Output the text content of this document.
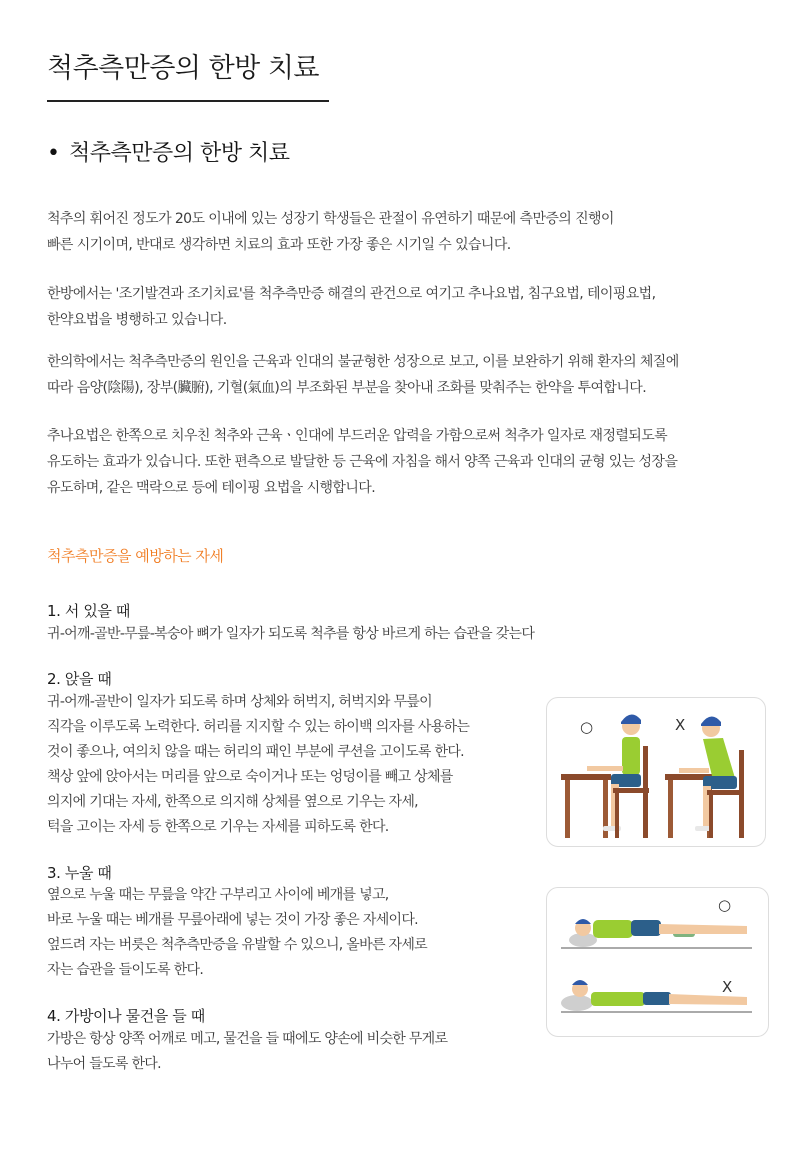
척추측만증의 한방 치료
• 척추측만증의 한방 치료

척추의 휘어진 정도가 20도 이내에 있는 성장기 학생들은 관절이 유연하기 때문에 측만증의 진행이
빠른 시기이며, 반대로 생각하면 치료의 효과 또한 가장 좋은 시기일 수 있습니다.

한방에서는 '조기발견과 조기치료'를 척추측만증 해결의 관건으로 여기고 추나요법, 침구요법, 테이핑요법,
한약요법을 병행하고 있습니다.

한의학에서는 척추측만증의 원인을 근육과 인대의 불균형한 성장으로 보고, 이를 보완하기 위해 환자의 체질에
따라 음양(陰陽), 장부(臟腑), 기혈(氣血)의 부조화된 부분을 찾아내 조화를 맞춰주는 한약을 투여합니다.

추나요법은 한쪽으로 치우친 척추와 근육ㆍ인대에 부드러운 압력을 가함으로써 척추가 일자로 재정렬되도록
유도하는 효과가 있습니다. 또한 편측으로 발달한 등 근육에 자침을 해서 양쪽 근육과 인대의 균형 있는 성장을
유도하며, 같은 맥락으로 등에 테이핑 요법을 시행합니다.

척추측만증을 예방하는 자세
1. 서 있을 때

귀-어깨-골반-무릎-복숭아 뼈가 일자가 되도록 척추를 항상 바르게 하는 습관을 갖는다

2. 앉을 때

귀-어깨-골반이 일자가 되도록 하며 상체와 허벅지, 허벅지와 무릎이
직각을 이루도록 노력한다. 허리를 지지할 수 있는 하이백 의자를 사용하는
것이 좋으나, 여의치 않을 때는 허리의 패인 부분에 쿠션을 고이도록 한다.
책상 앞에 앉아서는 머리를 앞으로 숙이거나 또는 엉덩이를 빼고 상체를
의지에 기대는 자세, 한쪽으로 의지해 상체를 옆으로 기우는 자세,
턱을 고이는 자세 등 한쪽으로 기우는 자세를 피하도록 한다.

3. 누울 때

옆으로 누울 때는 무릎을 약간 구부리고 사이에 베개를 넣고,
바로 누울 때는 베개를 무릎아래에 넣는 것이 가장 좋은 자세이다.
엎드려 자는 버릇은 척추측만증을 유발할 수 있으니, 올바른 자세로
자는 습관을 들이도록 한다.

4. 가방이나 물건을 들 때

가방은 항상 양쪽 어깨로 메고, 물건을 들 때에도 양손에 비슷한 무게로
나누어 들도록 한다.

○	X
○
X
